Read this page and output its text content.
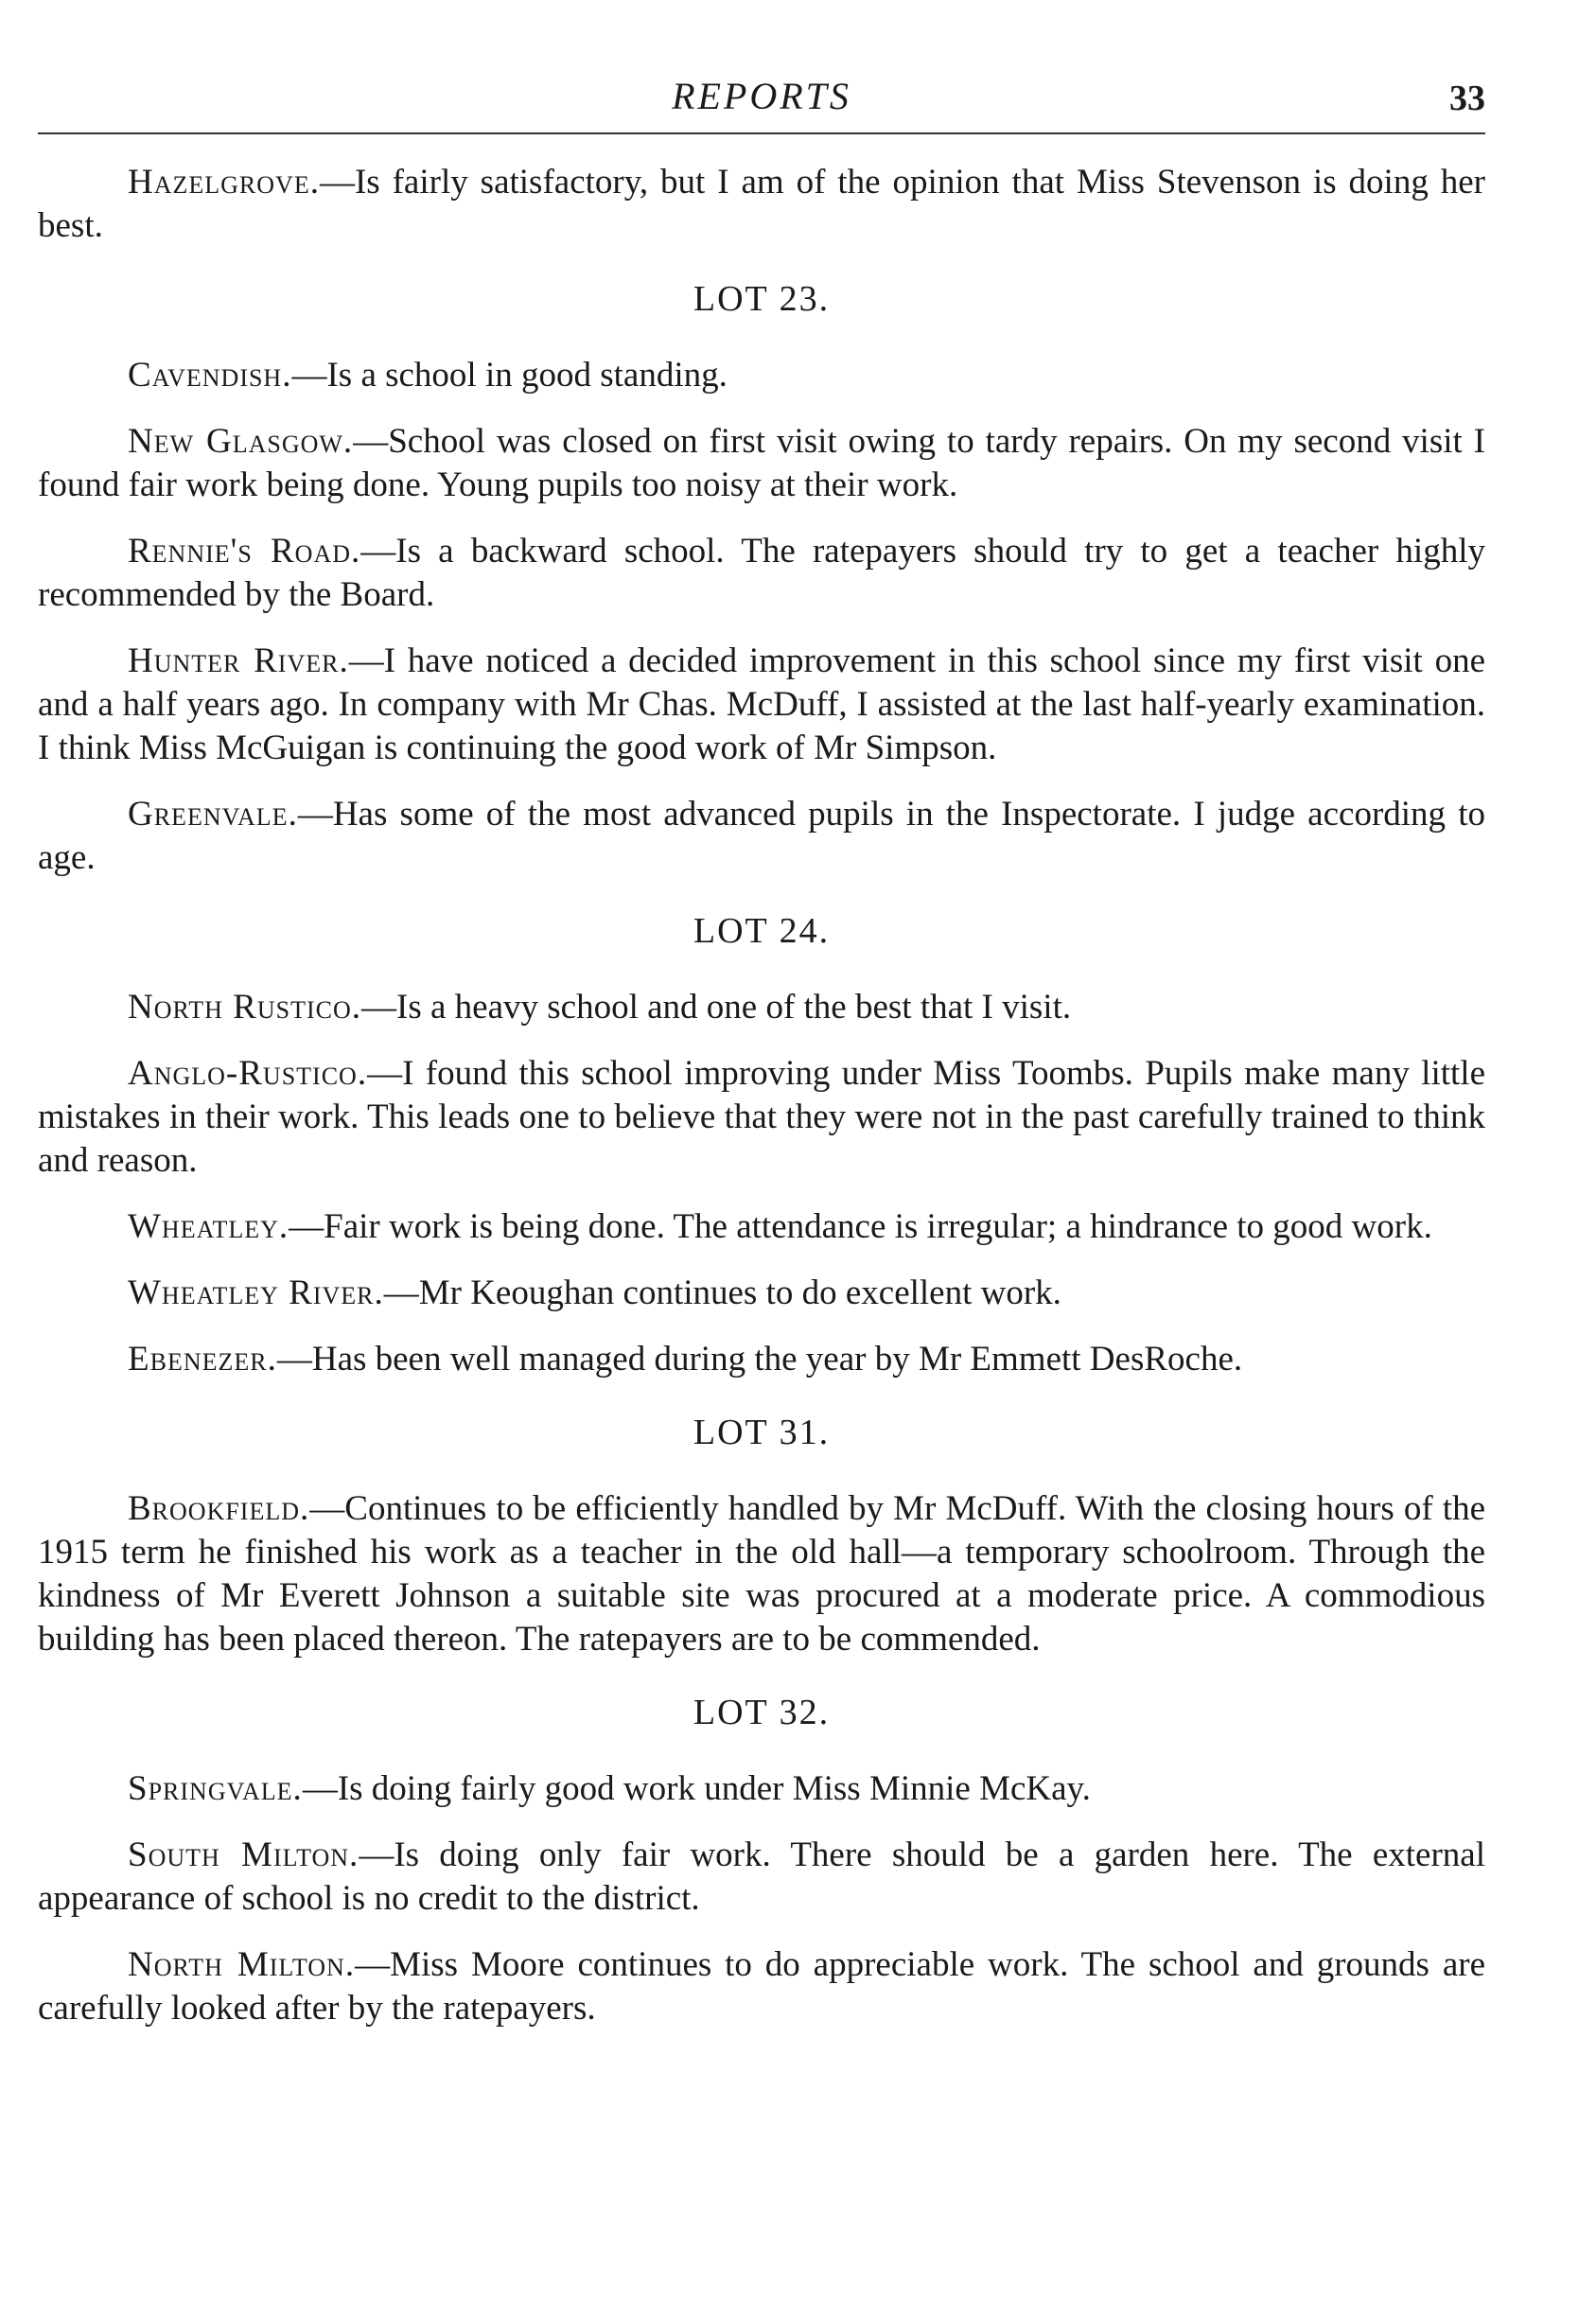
REPORTS	33

Hazelgrove.—Is fairly satisfactory, but I am of the opinion that Miss Stevenson is doing her best.

LOT 23.

Cavendish.—Is a school in good standing.

New Glasgow.—School was closed on first visit owing to tardy repairs. On my second visit I found fair work being done. Young pupils too noisy at their work.

Rennie's Road.—Is a backward school. The ratepayers should try to get a teacher highly recommended by the Board.

Hunter River.—I have noticed a decided improvement in this school since my first visit one and a half years ago. In company with Mr Chas. McDuff, I assisted at the last half-yearly examination. I think Miss McGuigan is continuing the good work of Mr Simpson.

Greenvale.—Has some of the most advanced pupils in the Inspectorate. I judge according to age.

LOT 24.

North Rustico.—Is a heavy school and one of the best that I visit.

Anglo-Rustico.—I found this school improving under Miss Toombs. Pupils make many little mistakes in their work. This leads one to believe that they were not in the past carefully trained to think and reason.

Wheatley.—Fair work is being done. The attendance is irregular; a hindrance to good work.

Wheatley River.—Mr Keoughan continues to do excellent work.

Ebenezer.—Has been well managed during the year by Mr Emmett DesRoche.

LOT 31.

Brookfield.—Continues to be efficiently handled by Mr McDuff. With the closing hours of the 1915 term he finished his work as a teacher in the old hall—a temporary schoolroom. Through the kindness of Mr Everett Johnson a suitable site was procured at a moderate price. A commodious building has been placed thereon. The ratepayers are to be commended.

LOT 32.

Springvale.—Is doing fairly good work under Miss Minnie McKay.

South Milton.—Is doing only fair work. There should be a garden here. The external appearance of school is no credit to the district.

North Milton.—Miss Moore continues to do appreciable work. The school and grounds are carefully looked after by the ratepayers.
